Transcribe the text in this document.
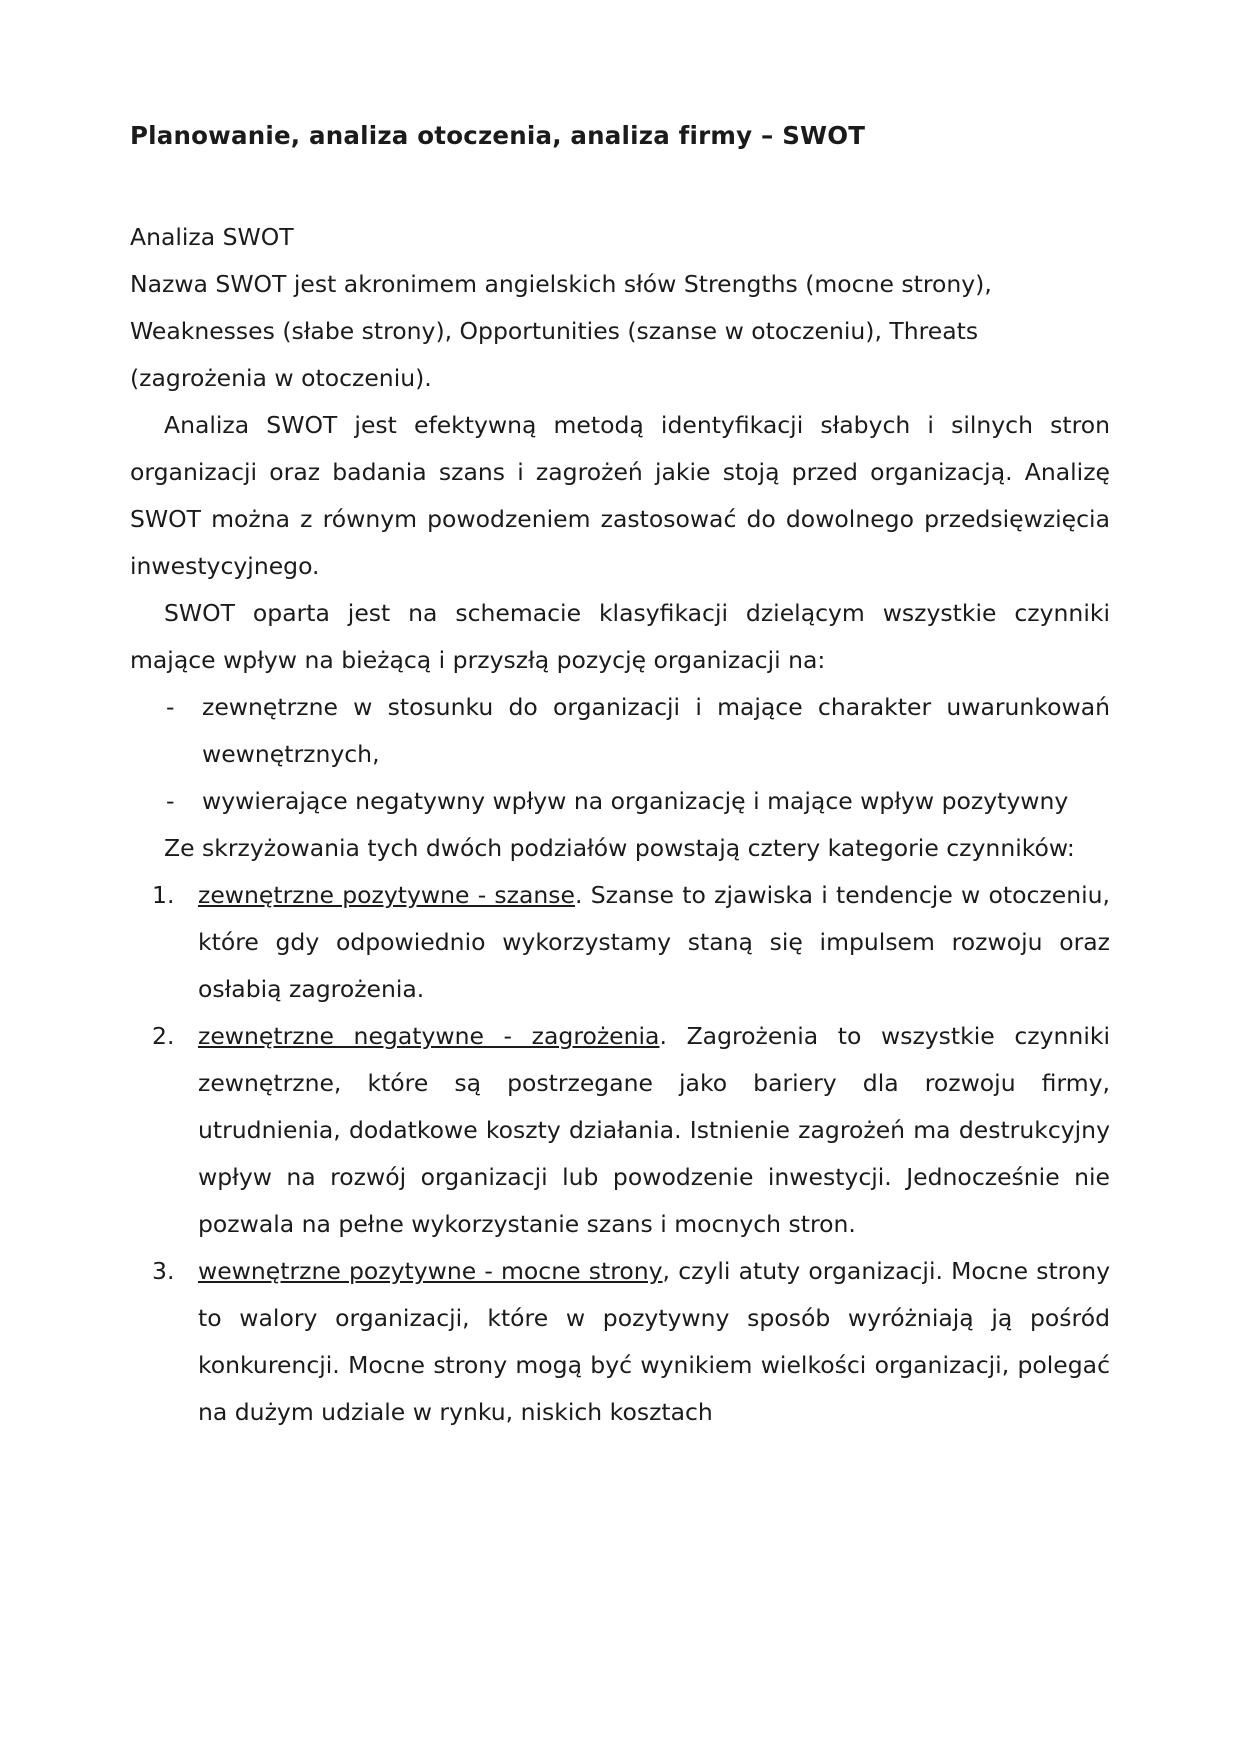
Planowanie, analiza otoczenia, analiza firmy – SWOT

Analiza SWOT

Nazwa SWOT jest akronimem angielskich słów Strengths (mocne strony), Weaknesses (słabe strony), Opportunities (szanse w otoczeniu), Threats (zagrożenia w otoczeniu).

Analiza SWOT jest efektywną metodą identyfikacji słabych i silnych stron organizacji oraz badania szans i zagrożeń jakie stoją przed organizacją. Analizę SWOT można z równym powodzeniem zastosować do dowolnego przedsięwzięcia inwestycyjnego.

SWOT oparta jest na schemacie klasyfikacji dzielącym wszystkie czynniki mające wpływ na bieżącą i przyszłą pozycję organizacji na:

- zewnętrzne w stosunku do organizacji i mające charakter uwarunkowań wewnętrznych,
- wywierające negatywny wpływ na organizację i mające wpływ pozytywny

Ze skrzyżowania tych dwóch podziałów powstają cztery kategorie czynników:

1.	zewnętrzne pozytywne - szanse. Szanse to zjawiska i tendencje w otoczeniu, które gdy odpowiednio wykorzystamy staną się impulsem rozwoju oraz osłabią zagrożenia.
2.	zewnętrzne negatywne - zagrożenia. Zagrożenia to wszystkie czynniki zewnętrzne, które są postrzegane jako bariery dla rozwoju firmy, utrudnienia, dodatkowe koszty działania. Istnienie zagrożeń ma destrukcyjny wpływ na rozwój organizacji lub powodzenie inwestycji. Jednocześnie nie pozwala na pełne wykorzystanie szans i mocnych stron.
3.	wewnętrzne pozytywne - mocne strony, czyli atuty organizacji. Mocne strony to walory organizacji, które w pozytywny sposób wyróżniają ją pośród konkurencji. Mocne strony mogą być wynikiem wielkości organizacji, polegać na dużym udziale w rynku, niskich kosztach
